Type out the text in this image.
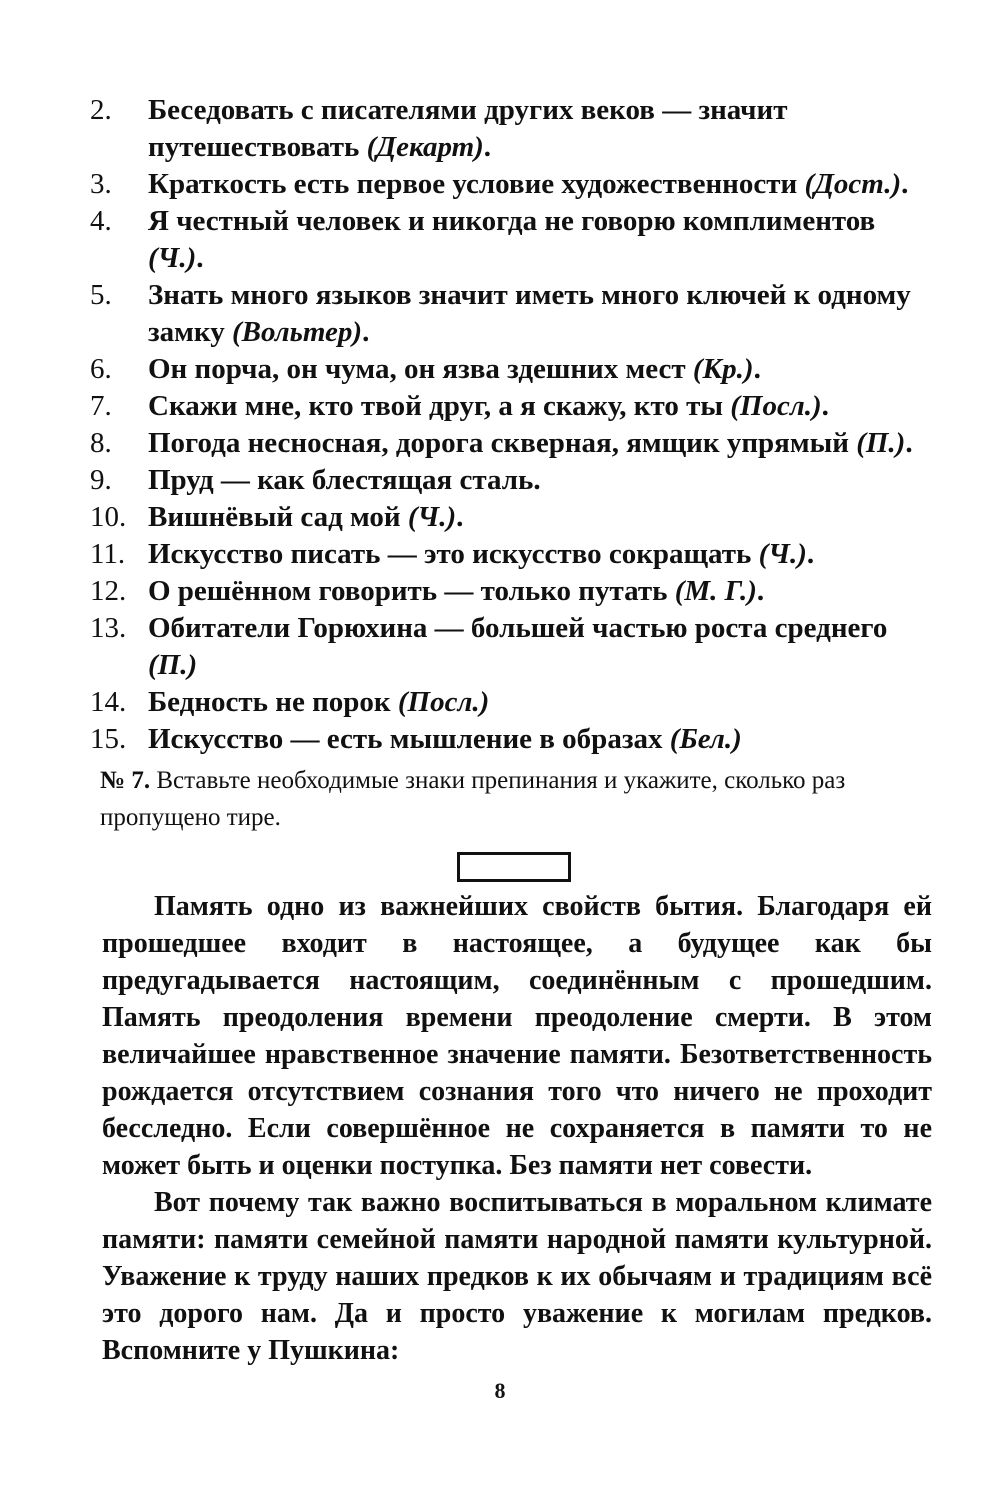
2.	Беседовать с писателями других веков — значит путешествовать (Декарт).
3.	Краткость есть первое условие художественности (Дост.).
4.	Я честный человек и никогда не говорю комплиментов (Ч.).
5.	Знать много языков значит иметь много ключей к одному замку (Вольтер).
6.	Он порча, он чума, он язва здешних мест (Кр.).
7.	Скажи мне, кто твой друг, а я скажу, кто ты (Посл.).
8.	Погода несносная, дорога скверная, ямщик упрямый (П.).
9.	Пруд — как блестящая сталь.
10. Вишнёвый сад мой (Ч.).
11. Искусство писать — это искусство сокращать (Ч.).
12. О решённом говорить — только путать (М. Г.).
13. Обитатели Горюхина — большей частью роста среднего (П.)
14. Бедность не порок (Посл.)
15. Искусство — есть мышление в образах (Бел.)
№ 7. Вставьте необходимые знаки препинания и укажите, сколько раз пропущено тире.

Память одно из важнейших свойств бытия. Благодаря ей прошедшее входит в настоящее, а будущее как бы предугадывается настоящим, соединённым с прошедшим. Память преодоления времени преодоление смерти. В этом величайшее нравственное значение памяти. Безответственность рождается отсутствием сознания того что ничего не проходит бесследно. Если совершённое не сохраняется в памяти то не может быть и оценки поступка. Без памяти нет совести.

Вот почему так важно воспитываться в моральном климате памяти: памяти семейной памяти народной памяти культурной. Уважение к труду наших предков к их обычаям и традициям всё это дорого нам. Да и просто уважение к могилам предков. Вспомните у Пушкина:

8
